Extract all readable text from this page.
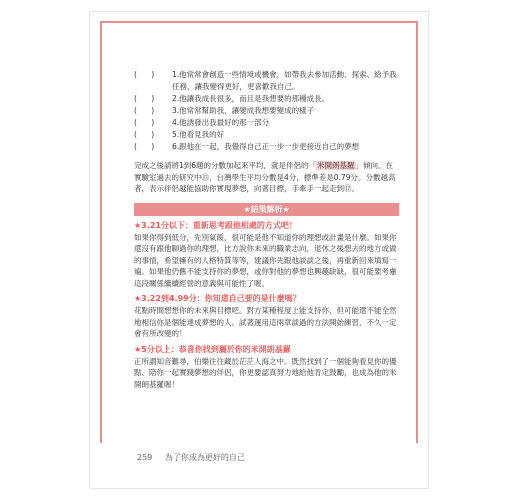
(      )	1.他常常會創造一些情境或機會，如帶我去參加活動、探索、給予我任務，讓我變得更好，更喜歡我自己。
(      )	2.他讓我成長很多，而且是我想要的那種成長。
(      )	3.他常常幫助我，讓變成我想要變成的樣子
(      )	4.他誘發出我最好的那一部分
(      )	5.他看見我的好
(      )	6.跟他在一起，我覺得自己正一步一步更接近自己的夢想
完成之後請將1到6題的分數加起來平均，就是伴侶的「米開朗基羅」傾向。在實驗室過去的研究中⑬，台灣學生平均分數是4分，標準差是0.79分。分數越高者，表示伴侶越能協助你實現夢想，向著目標，手牽手一起走到⑰。
★結果解析★
★3.21分以下：重新思考跟他相處的方式吧！
如果你得到低分，先別氣餒，很可能是他不知道你的理想或計畫是什麼。如果你還沒有跟他聊過你的理想，比方說你未來的職業志向，退休之後想去的地方或做的事情，希望擁有的人格特質等等，建議你先跟他談談之後，再重新回來填寫一遍。如果他仍舊不能支持你的夢想，或你對他的夢想也興趣缺缺，很可能要考慮這段關係繼續經營的意義與可能性了喔。
★3.22到4.99分：你知道自己要的是什麼嗎？
花點時間想想你的未來與目標吧。對方某種程度上能支持你，但可能還不能全然地相信你是個能達成夢想的人。試著運用這兩章談過的方法開始練習，不久一定會有所改變的！
★5分以上：恭喜你找到屬於你的米開朗基羅
正所謂知音難尋，伯樂往往藏於茫茫人海之中。既然找到了一個能夠看見你的優點、陪你一起實踐夢想的伴侶，你更要認真努力地給他肯定鼓勵，也成為他的米開朗基羅喔！
259 為了你成為更好的自己
